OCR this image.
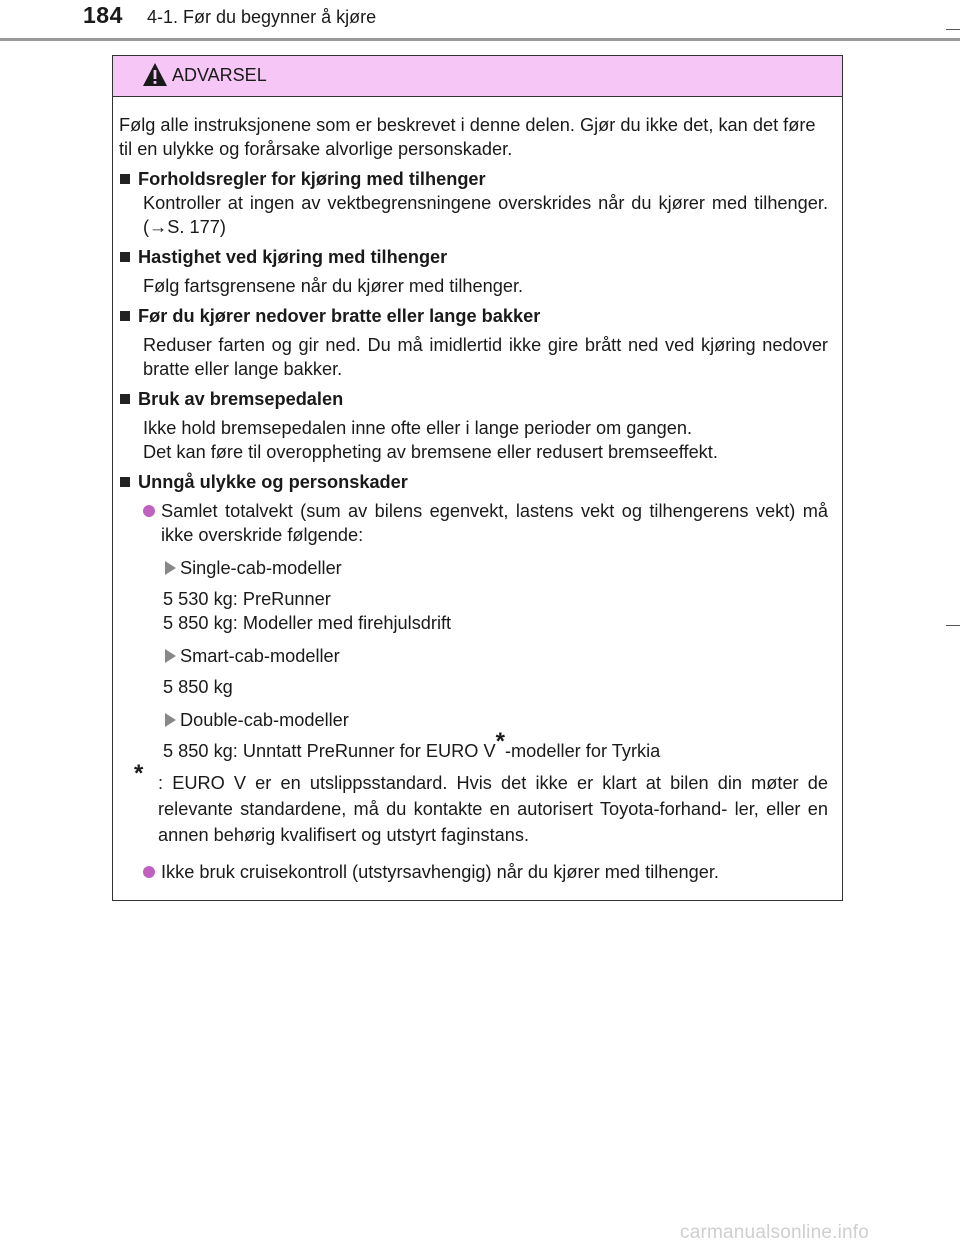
184 4-1. Før du begynner å kjøre
ADVARSEL
Følg alle instruksjonene som er beskrevet i denne delen. Gjør du ikke det, kan det føre til en ulykke og forårsake alvorlige personskader.
Forholdsregler for kjøring med tilhenger
Kontroller at ingen av vektbegrensningene overskrides når du kjører med tilhenger. (→S. 177)
Hastighet ved kjøring med tilhenger
Følg fartsgrensene når du kjører med tilhenger.
Før du kjører nedover bratte eller lange bakker
Reduser farten og gir ned. Du må imidlertid ikke gire brått ned ved kjøring nedover bratte eller lange bakker.
Bruk av bremsepedalen
Ikke hold bremsepedalen inne ofte eller i lange perioder om gangen.
Det kan føre til overoppheting av bremsene eller redusert bremseeffekt.
Unngå ulykke og personskader
Samlet totalvekt (sum av bilens egenvekt, lastens vekt og tilhengerens vekt) må ikke overskride følgende:
Single-cab-modeller
5 530 kg: PreRunner
5 850 kg: Modeller med firehjulsdrift
Smart-cab-modeller
5 850 kg
Double-cab-modeller
5 850 kg: Unntatt PreRunner for EURO V*-modeller for Tyrkia
* : EURO V er en utslippsstandard. Hvis det ikke er klart at bilen din møter de relevante standardene, må du kontakte en autorisert Toyota-forhand- ler, eller en annen behørig kvalifisert og utstyrt faginstans.
Ikke bruk cruisekontroll (utstyrsavhengig) når du kjører med tilhenger.
carmanualsonline.info
